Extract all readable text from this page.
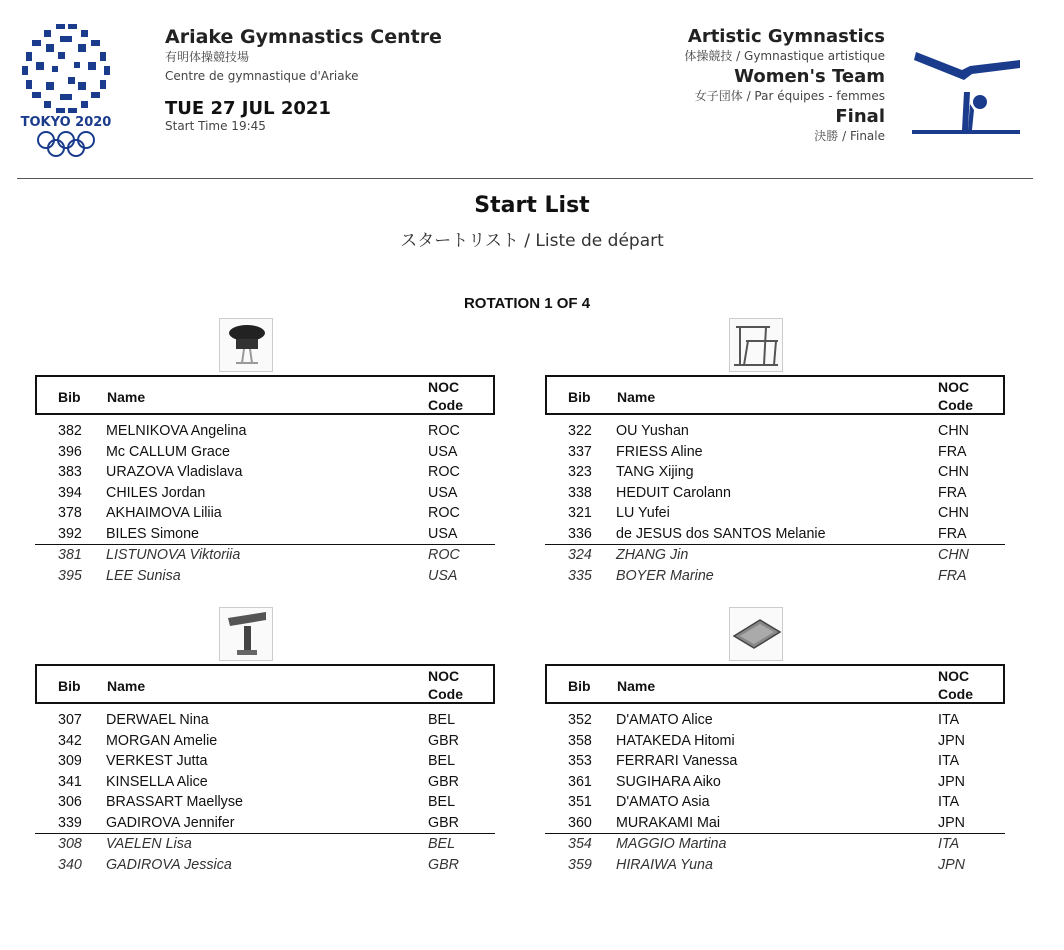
TOKYO 2020
Ariake Gymnastics Centre
有明体操競技場
Centre de gymnastique d'Ariake
TUE 27 JUL 2021
Start Time 19:45
Artistic Gymnastics
体操競技 / Gymnastique artistique
Women's Team
女子団体 / Par équipes - femmes
Final
決勝 / Finale
Start List
スタートリスト / Liste de départ
ROTATION 1 OF 4
Bib Name
NOC
Code
382 MELNIKOVA Angelina	ROC
396 Mc CALLUM Grace	USA
383 URAZOVA Vladislava	ROC
394 CHILES Jordan	USA
378 AKHAIMOVA Liliia	ROC
392 BILES Simone	USA
381 LISTUNOVA Viktoriia	ROC
395 LEE Sunisa	USA
Bib Name
NOC
Code
322 OU Yushan	CHN
337 FRIESS Aline	FRA
323 TANG Xijing	CHN
338 HEDUIT Carolann	FRA
321 LU Yufei	CHN
336 de JESUS dos SANTOS Melanie	FRA
324 ZHANG Jin	CHN
335 BOYER Marine	FRA
Bib Name
NOC
Code
307 DERWAEL Nina	BEL
342 MORGAN Amelie	GBR
309 VERKEST Jutta	BEL
341 KINSELLA Alice	GBR
306 BRASSART Maellyse	BEL
339 GADIROVA Jennifer	GBR
308 VAELEN Lisa	BEL
340 GADIROVA Jessica	GBR
Bib Name
NOC
Code
352 D'AMATO Alice	ITA
358 HATAKEDA Hitomi	JPN
353 FERRARI Vanessa	ITA
361 SUGIHARA Aiko	JPN
351 D'AMATO Asia	ITA
360 MURAKAMI Mai	JPN
354 MAGGIO Martina	ITA
359 HIRAIWA Yuna	JPN
